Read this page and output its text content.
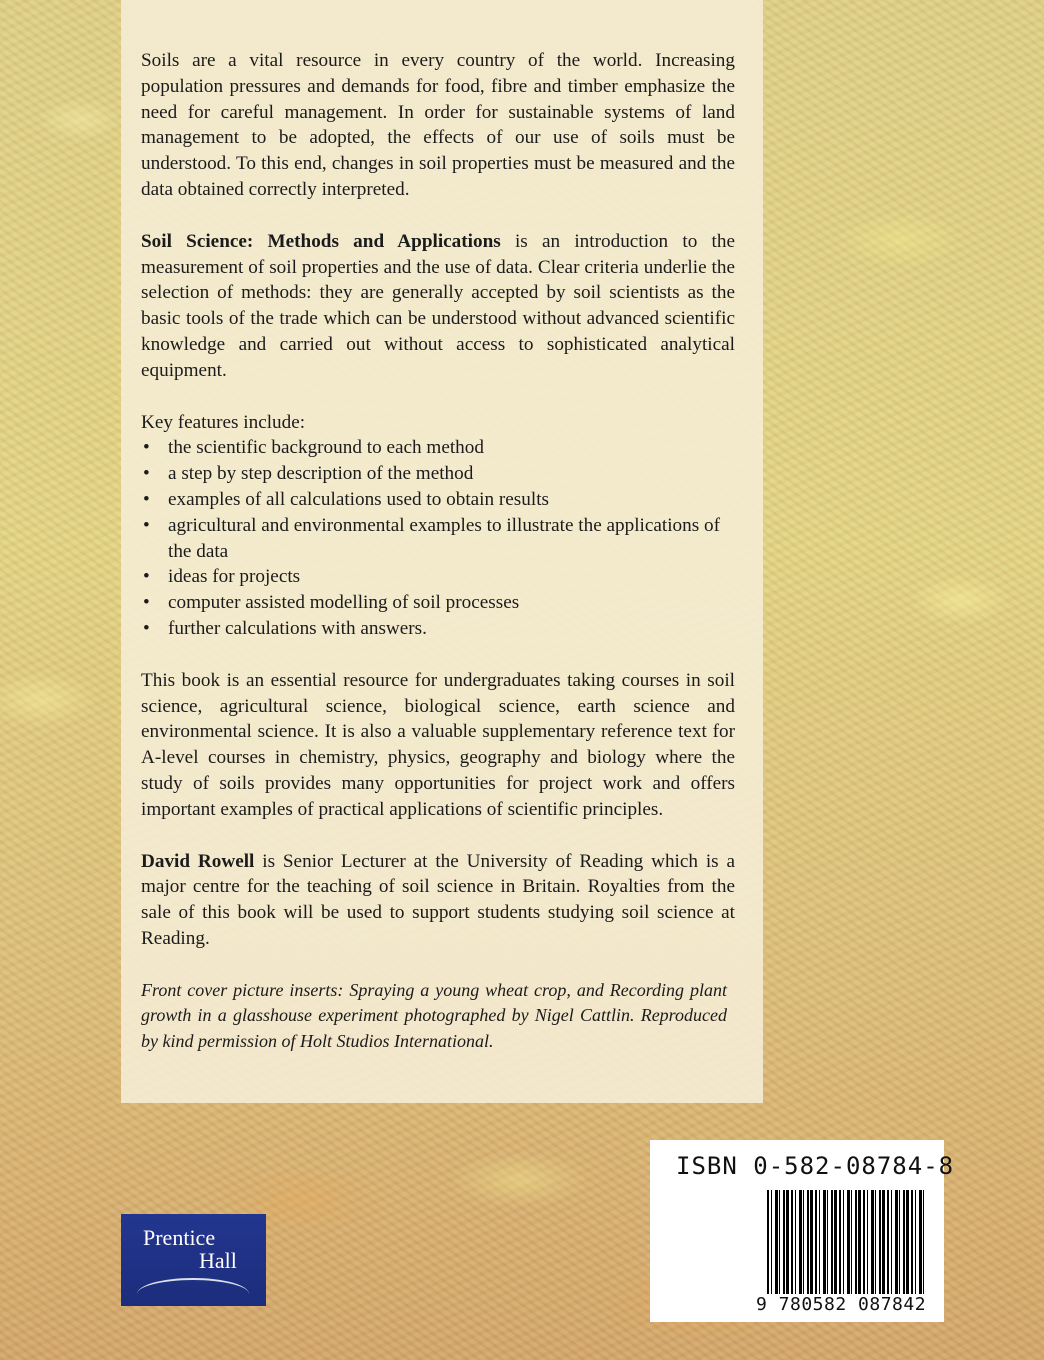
Soils are a vital resource in every country of the world. Increasing population pressures and demands for food, fibre and timber emphasize the need for careful management. In order for sustainable systems of land management to be adopted, the effects of our use of soils must be understood. To this end, changes in soil properties must be measured and the data obtained correctly interpreted.

Soil Science: Methods and Applications is an introduction to the measurement of soil properties and the use of data. Clear criteria underlie the selection of methods: they are generally accepted by soil scientists as the basic tools of the trade which can be understood without advanced scientific knowledge and carried out without access to sophisticated analytical equipment.

Key features include:
• the scientific background to each method
• a step by step description of the method
• examples of all calculations used to obtain results
• agricultural and environmental examples to illustrate the applications of the data
• ideas for projects
• computer assisted modelling of soil processes
• further calculations with answers.

This book is an essential resource for undergraduates taking courses in soil science, agricultural science, biological science, earth science and environmental science. It is also a valuable supplementary reference text for A-level courses in chemistry, physics, geography and biology where the study of soils provides many opportunities for project work and offers important examples of practical applications of scientific principles.

David Rowell is Senior Lecturer at the University of Reading which is a major centre for the teaching of soil science in Britain. Royalties from the sale of this book will be used to support students studying soil science at Reading.

Front cover picture inserts: Spraying a young wheat crop, and Recording plant growth in a glasshouse experiment photographed by Nigel Cattlin. Reproduced by kind permission of Holt Studios International.

Prentice
Hall
ISBN 0-582-08784-8
9 780582 087842
